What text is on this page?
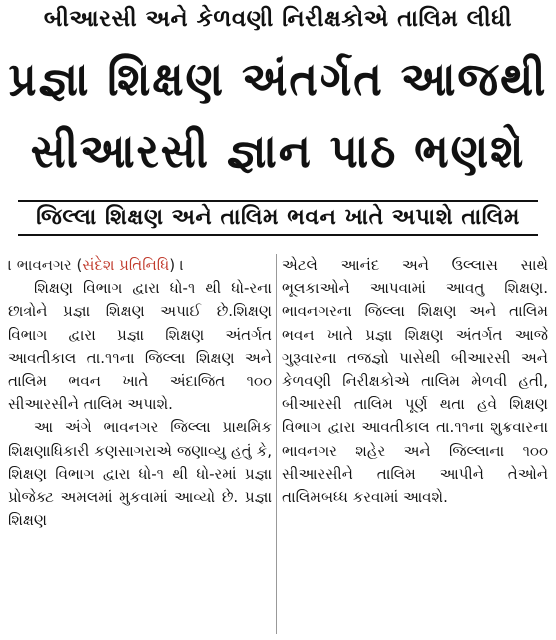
બીઆરસી અને કેળવણી નિરીક્ષકોએ તાલિમ લીધી
પ્રજ્ઞા શિક્ષણ અંતર્ગત આજથી
સીઆરસી જ્ઞાન પાઠ ભણશે
જિલ્લા શિક્ષણ અને તાલિમ ભવન ખાતે અપાશે તાલિમ
। ભાવનગર (સંદેશ પ્રતિનિધિ) ।

શિક્ષણ વિભાગ દ્વારા ધો-૧ થી ધો-રના છાત્રોને પ્રજ્ઞા શિક્ષણ અપાઈ છે.શિક્ષણ વિભાગ દ્વારા પ્રજ્ઞા શિક્ષણ અંતર્ગત આવતીકાલ તા.૧૧ના જિલ્લા શિક્ષણ અને તાલિમ ભવન ખાતે અંદાજિત ૧૦૦ સીઆરસીને તાલિમ અપાશે.

આ અંગે ભાવનગર જિલ્લા પ્રાથમિક શિક્ષણાધિકારી કણસાગરાએ જણાવ્યુ હતું કે, શિક્ષણ વિભાગ દ્વારા ધો-૧ થી ધો-રમાં પ્રજ્ઞા પ્રોજેક્ટ અમલમાં મુકવામાં આવ્યો છે. પ્રજ્ઞા શિક્ષણ

એટલે આનંદ અને ઉલ્લાસ સાથે ભૂલકાઓને આપવામાં આવતુ શિક્ષણ. ભાવનગરના જિલ્લા શિક્ષણ અને તાલિમ ભવન ખાતે પ્રજ્ઞા શિક્ષણ અંતર્ગત આજે ગુરૂવારના તજજ્ઞો પાસેથી બીઆરસી અને કેળવણી નિરીક્ષકોએ તાલિમ મેળવી હતી, બીઆરસી તાલિમ પૂર્ણ થતા હવે શિક્ષણ વિભાગ દ્વારા આવતીકાલ તા.૧૧ના શુક્રવારના ભાવનગર શહેર અને જિલ્લાના ૧૦૦ સીઆરસીને તાલિમ આપીને તેઓને તાલિમબધ્ધ કરવામાં આવશે.
